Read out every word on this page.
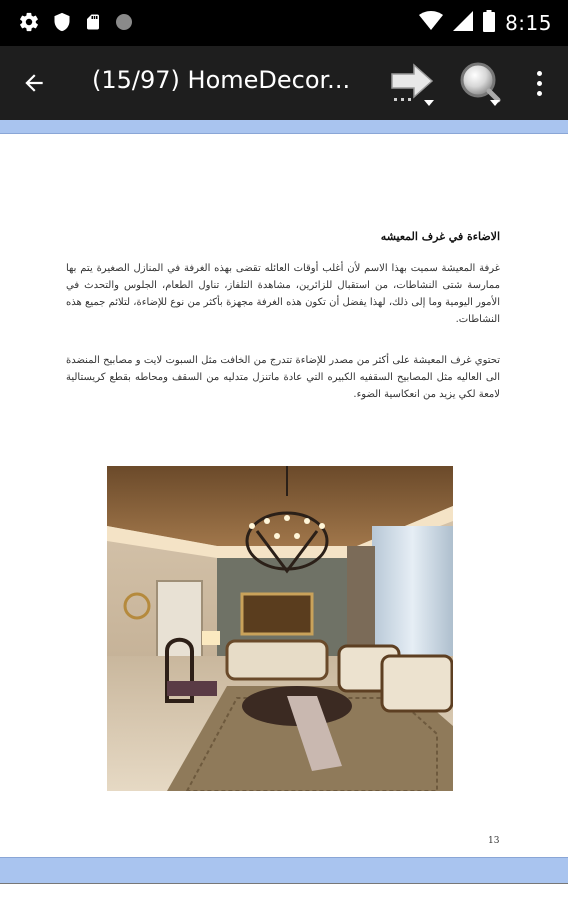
8:15
(15/97) HomeDecor...
الاضاءة في غرف المعيشه
غرفة المعيشة سميت بهذا الاسم لأن أغلب أوقات العائله تقضى بهذه الغرفة في المنازل الصغيرة يتم بها ممارسة شتى النشاطات، من استقبال للزائرين، مشاهدة التلفاز، تناول الطعام، الجلوس والتحدث في الأمور اليومية وما إلى ذلك، لهذا يفضل أن تكون هذه الغرفة مجهزة بأكثر من نوع للإضاءة، لتلائم جميع هذه النشاطات.
تحتوي غرف المعيشة على أكثر من مصدر للإضاءة تتدرج من الخافت مثل السبوت لايت و مصابيح المنضدة الى العاليه مثل المصابيح السقفيه الكبيره التي عادة ماتنزل متدليه من السقف ومحاطه بقطع كريستالية لامعة لكي يزيد من انعكاسية الضوء.
13
